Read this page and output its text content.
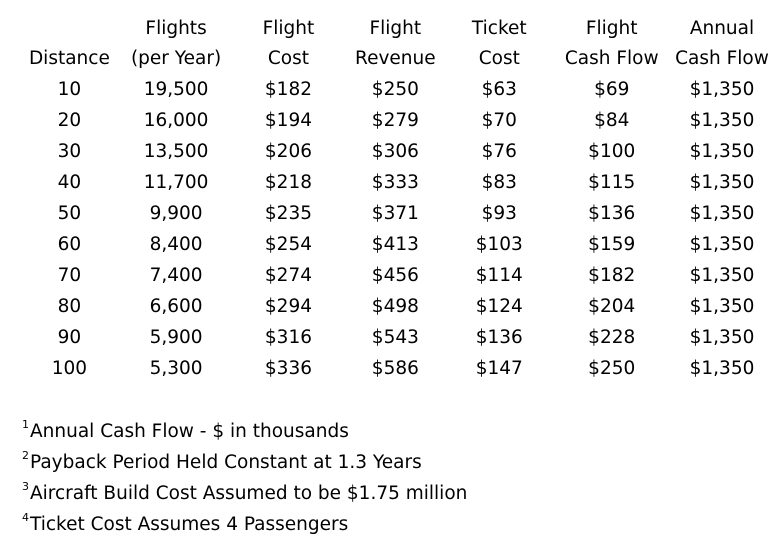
	Flights	Flight	Flight	Ticket	Flight	Annual
Distance	(per Year)	Cost	Revenue	Cost	Cash Flow	Cash Flow
10	19,500	$182	$250	$63	$69	$1,350
20	16,000	$194	$279	$70	$84	$1,350
30	13,500	$206	$306	$76	$100	$1,350
40	11,700	$218	$333	$83	$115	$1,350
50	9,900	$235	$371	$93	$136	$1,350
60	8,400	$254	$413	$103	$159	$1,350
70	7,400	$274	$456	$114	$182	$1,350
80	6,600	$294	$498	$124	$204	$1,350
90	5,900	$316	$543	$136	$228	$1,350
100	5,300	$336	$586	$147	$250	$1,350
$^1$Annual Cash Flow - $ in thousands
$^2$Payback Period Held Constant at 1.3 Years
$^3$Aircraft Build Cost Assumed to be $1.75 million
$^4$Ticket Cost Assumes 4 Passengers
